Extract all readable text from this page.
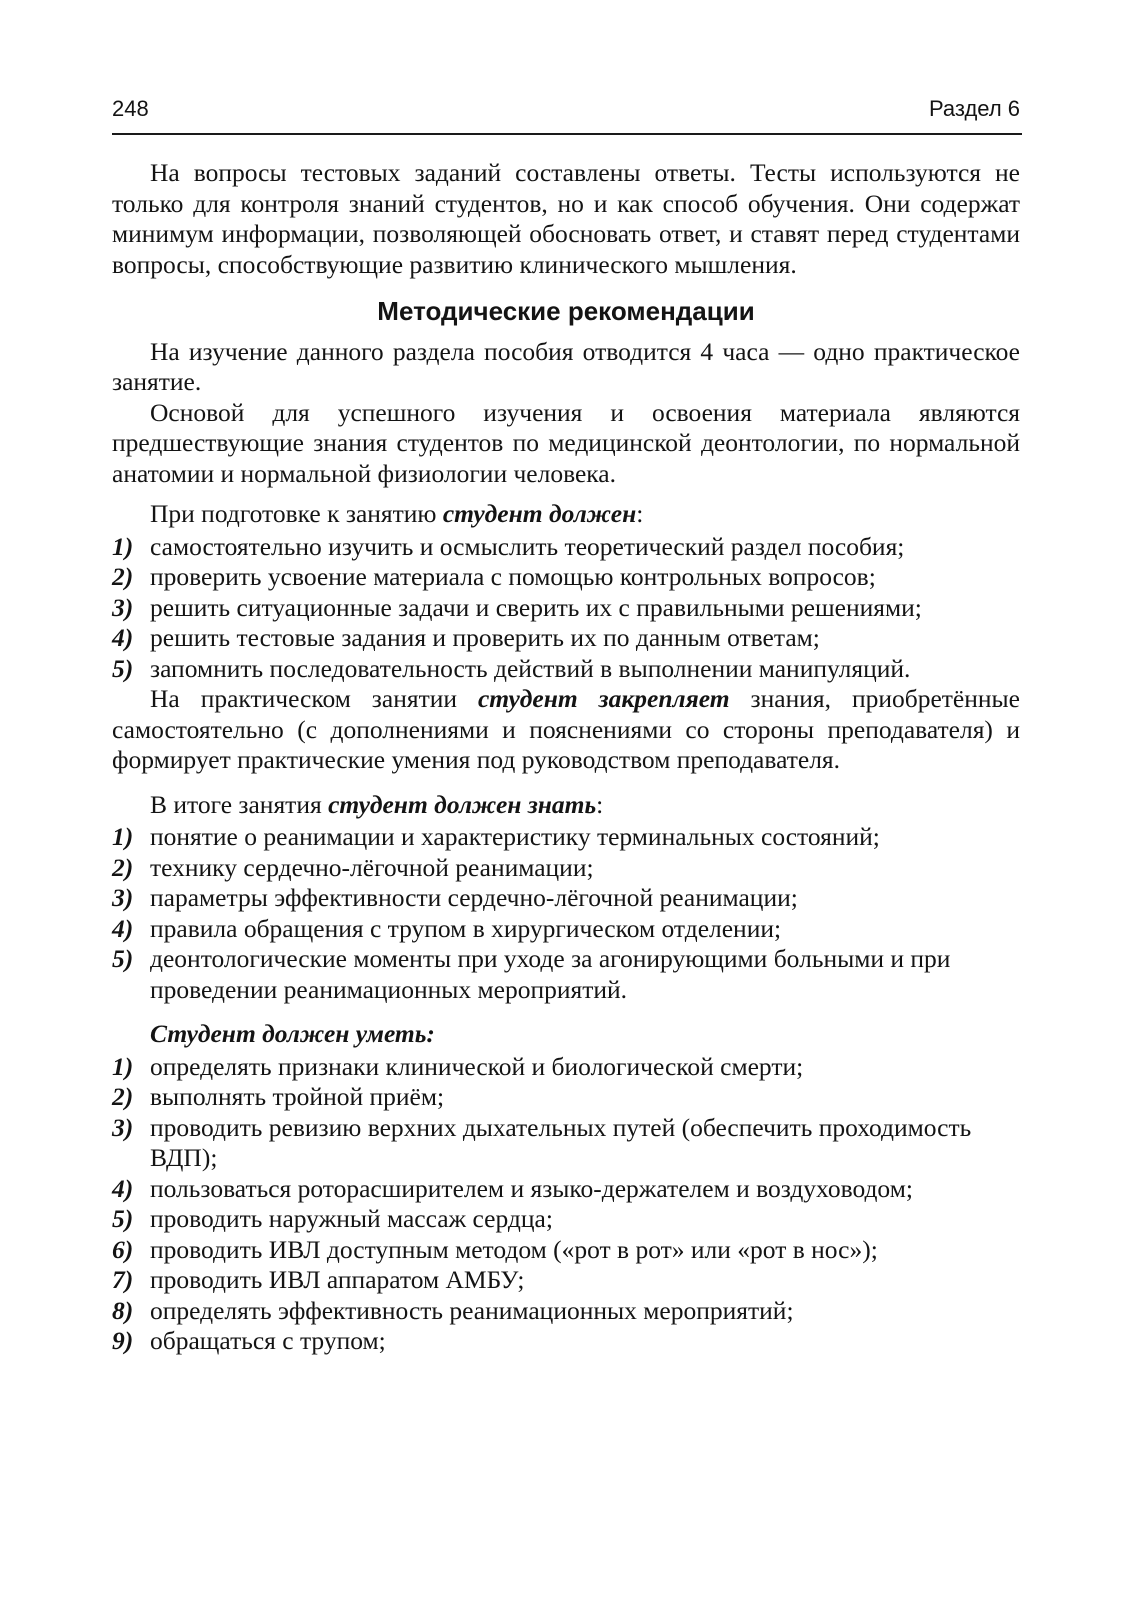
248	Раздел 6

На вопросы тестовых заданий составлены ответы. Тесты используются не только для контроля знаний студентов, но и как способ обучения. Они содержат минимум информации, позволяющей обосновать ответ, и ставят перед студентами вопросы, способствующие развитию клинического мышления.

Методические рекомендации

На изучение данного раздела пособия отводится 4 часа — одно практическое занятие.

Основой для успешного изучения и освоения материала являются предшествующие знания студентов по медицинской деонтологии, по нормальной анатомии и нормальной физиологии человека.

При подготовке к занятию студент должен:

1) самостоятельно изучить и осмыслить теоретический раздел пособия;
2) проверить усвоение материала с помощью контрольных вопросов;
3) решить ситуационные задачи и сверить их с правильными решениями;
4) решить тестовые задания и проверить их по данным ответам;
5) запомнить последовательность действий в выполнении манипуляций.

На практическом занятии студент закрепляет знания, приобретённые самостоятельно (с дополнениями и пояснениями со стороны преподавателя) и формирует практические умения под руководством преподавателя.

В итоге занятия студент должен знать:

1) понятие о реанимации и характеристику терминальных состояний;
2) технику сердечно-лёгочной реанимации;
3) параметры эффективности сердечно-лёгочной реанимации;
4) правила обращения с трупом в хирургическом отделении;
5) деонтологические моменты при уходе за агонирующими больными и при проведении реанимационных мероприятий.

Студент должен уметь:

1) определять признаки клинической и биологической смерти;
2) выполнять тройной приём;
3) проводить ревизию верхних дыхательных путей (обеспечить проходимость ВДП);
4) пользоваться роторасширителем и языко-держателем и воздуховодом;
5) проводить наружный массаж сердца;
6) проводить ИВЛ доступным методом («рот в рот» или «рот в нос»);
7) проводить ИВЛ аппаратом АМБУ;
8) определять эффективность реанимационных мероприятий;
9) обращаться с трупом;
